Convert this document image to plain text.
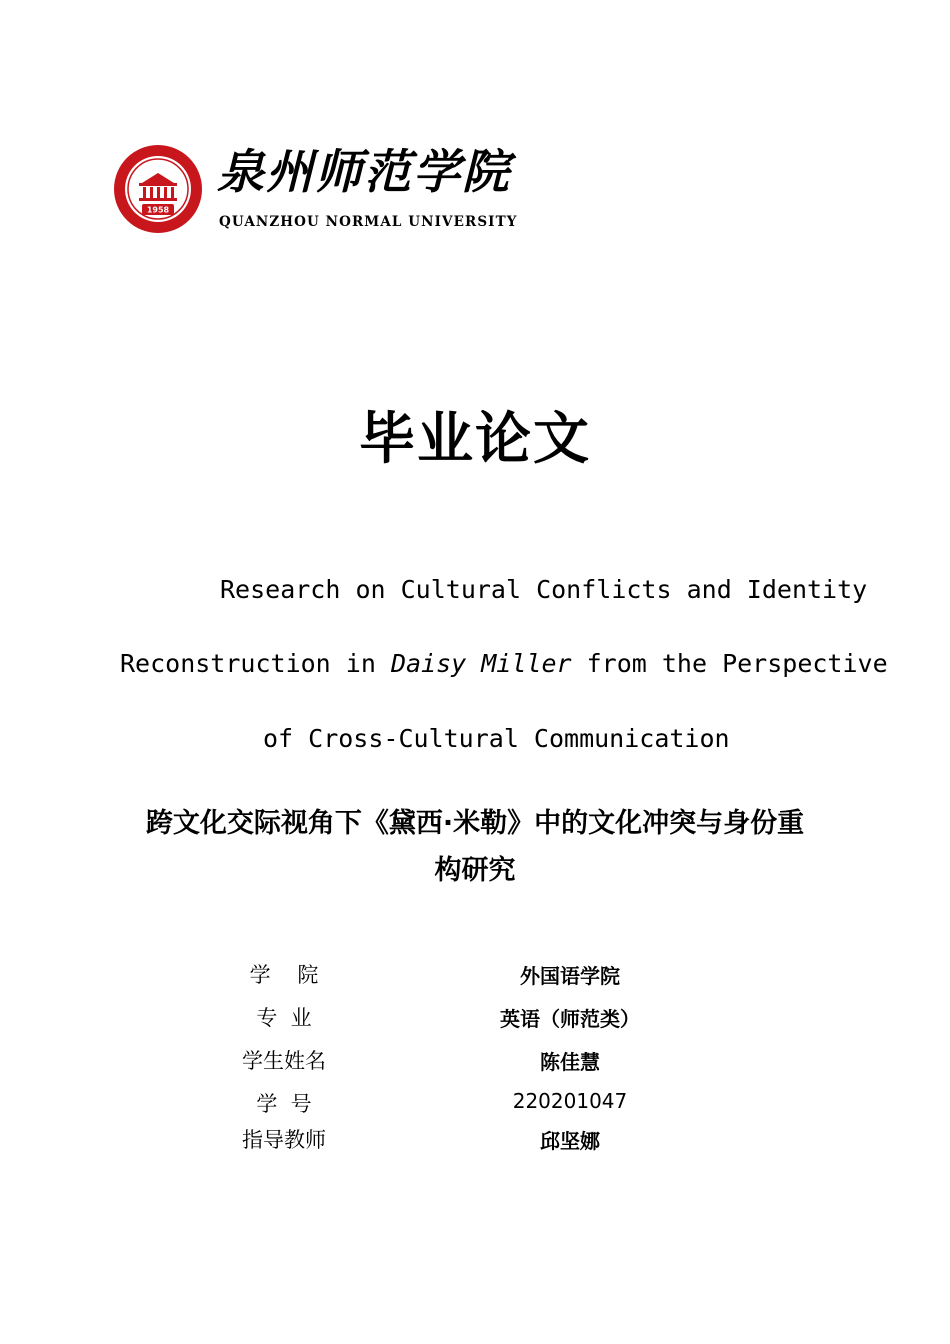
1958
泉州师范学院
QUANZHOU NORMAL UNIVERSITY
毕业论文
Research on Cultural Conflicts and Identity
Reconstruction in Daisy Miller from the Perspective
of Cross-Cultural Communication
跨文化交际视角下《黛西·米勒》中的文化冲突与身份重
构研究
学    院	外国语学院
专  业	英语（师范类）
学生姓名	陈佳慧
学  号	220201047
指导教师	邱坚娜
